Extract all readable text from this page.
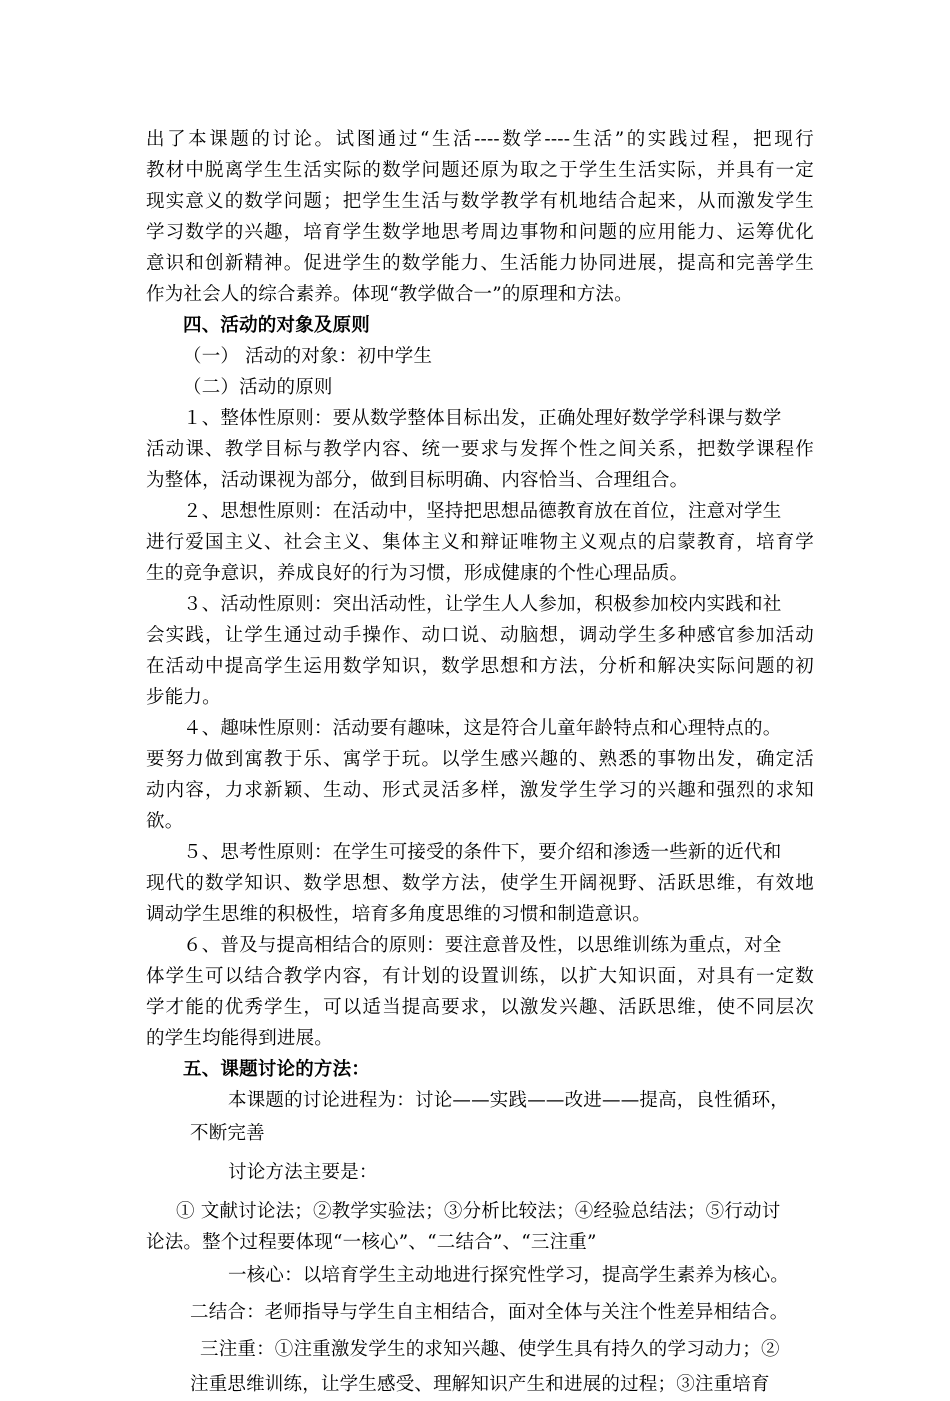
出了本课题的讨论。试图通过“生活----数学----生活”的实践过程，把现行
教材中脱离学生生活实际的数学问题还原为取之于学生生活实际，并具有一定
现实意义的数学问题；把学生生活与数学教学有机地结合起来，从而激发学生
学习数学的兴趣，培育学生数学地思考周边事物和问题的应用能力、运筹优化
意识和创新精神。促进学生的数学能力、生活能力协同进展，提高和完善学生
作为社会人的综合素养。体现“教学做合一”的原理和方法。
四、活动的对象及原则
（一） 活动的对象：初中学生
（二）活动的原则
１、整体性原则：要从数学整体目标出发，正确处理好数学学科课与数学
活动课、教学目标与教学内容、统一要求与发挥个性之间关系，把数学课程作
为整体，活动课视为部分，做到目标明确、内容恰当、合理组合。
２、思想性原则：在活动中，坚持把思想品德教育放在首位，注意对学生
进行爱国主义、社会主义、集体主义和辩证唯物主义观点的启蒙教育，培育学
生的竞争意识，养成良好的行为习惯，形成健康的个性心理品质。
３、活动性原则：突出活动性，让学生人人参加，积极参加校内实践和社
会实践，让学生通过动手操作、动口说、动脑想，调动学生多种感官参加活动
在活动中提高学生运用数学知识，数学思想和方法，分析和解决实际问题的初
步能力。
４、趣味性原则：活动要有趣味，这是符合儿童年龄特点和心理特点的。
要努力做到寓教于乐、寓学于玩。以学生感兴趣的、熟悉的事物出发，确定活
动内容，力求新颖、生动、形式灵活多样，激发学生学习的兴趣和强烈的求知
欲。
５、思考性原则：在学生可接受的条件下，要介绍和渗透一些新的近代和
现代的数学知识、数学思想、数学方法，使学生开阔视野、活跃思维，有效地
调动学生思维的积极性，培育多角度思维的习惯和制造意识。
６、普及与提高相结合的原则：要注意普及性，以思维训练为重点，对全
体学生可以结合教学内容，有计划的设置训练，以扩大知识面，对具有一定数
学才能的优秀学生，可以适当提高要求，以激发兴趣、活跃思维，使不同层次
的学生均能得到进展。
五、课题讨论的方法：
本课题的讨论进程为：讨论——实践——改进——提高，良性循环，
不断完善
讨论方法主要是：
① 文献讨论法；②教学实验法；③分析比较法；④经验总结法；⑤行动讨
论法。整个过程要体现“一核心”、“二结合”、“三注重”
一核心：以培育学生主动地进行探究性学习，提高学生素养为核心。
二结合：老师指导与学生自主相结合，面对全体与关注个性差异相结合。
三注重：①注重激发学生的求知兴趣、使学生具有持久的学习动力；②
注重思维训练，让学生感受、理解知识产生和进展的过程；③注重培育
